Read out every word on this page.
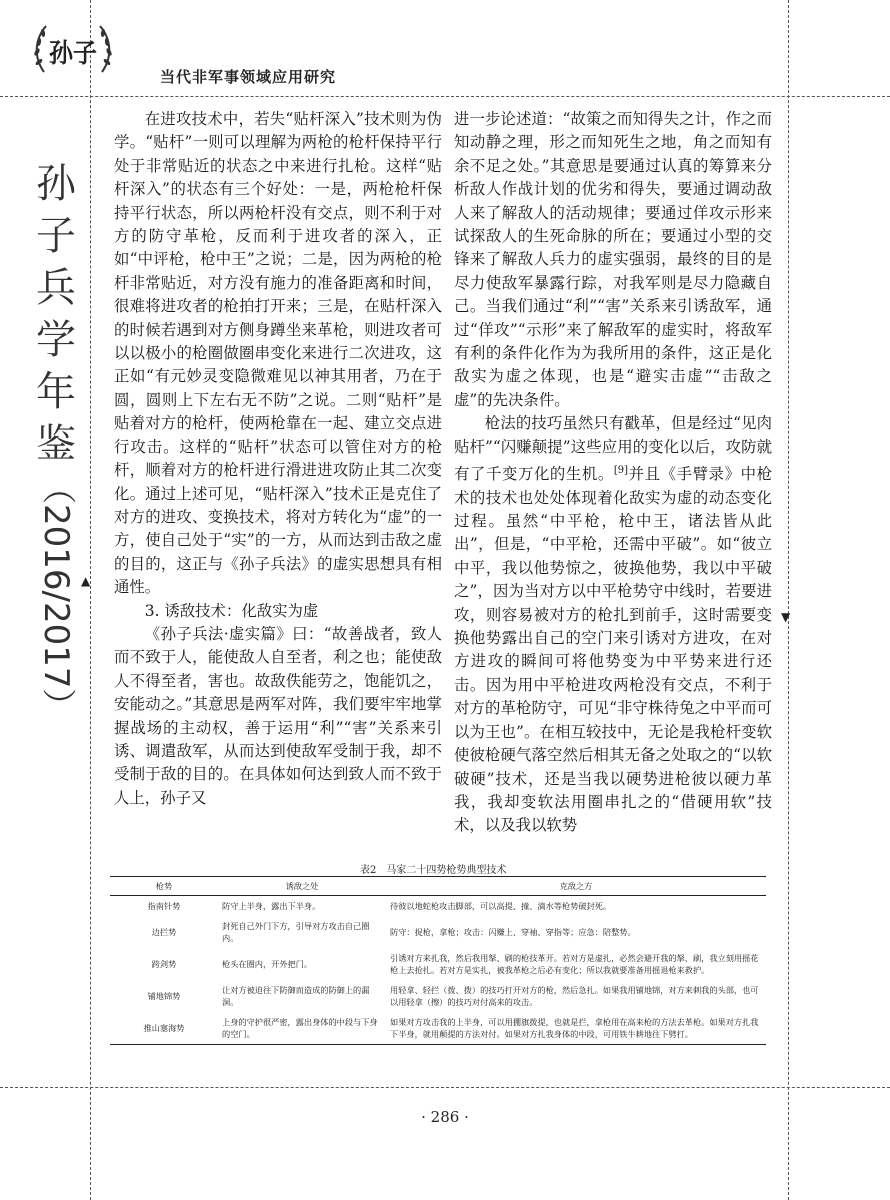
孙子
当代非军事领域应用研究
孙
子
兵
学
年
鉴
（2016/2017） ▲
▼

在进攻技术中，若失“贴杆深入”技术则为伪学。“贴杆”一则可以理解为两枪的枪杆保持平行处于非常贴近的状态之中来进行扎枪。这样“贴杆深入”的状态有三个好处：一是，两枪枪杆保持平行状态，所以两枪杆没有交点，则不利于对方的防守革枪，反而利于进攻者的深入，正如“中评枪，枪中王”之说；二是，因为两枪的枪杆非常贴近，对方没有施力的准备距离和时间，很难将进攻者的枪拍打开来；三是，在贴杆深入的时候若遇到对方侧身蹲坐来革枪，则进攻者可以以极小的枪圈做圈串变化来进行二次进攻，这正如“有元妙灵变隐微难见以神其用者，乃在于圆，圆则上下左右无不防”之说。二则“贴杆”是贴着对方的枪杆，使两枪靠在一起、建立交点进行攻击。这样的“贴杆”状态可以管住对方的枪杆，顺着对方的枪杆进行滑进进攻防止其二次变化。通过上述可见，“贴杆深入”技术正是克住了对方的进攻、变换技术，将对方转化为“虚”的一方，使自己处于“实”的一方，从而达到击敌之虚的目的，这正与《孙子兵法》的虚实思想具有相通性。

3. 诱敌技术：化敌实为虚

《孙子兵法·虚实篇》曰：“故善战者，致人而不致于人，能使敌人自至者，利之也；能使敌人不得至者，害也。故敌佚能劳之，饱能饥之，安能动之。”其意思是两军对阵，我们要牢牢地掌握战场的主动权，善于运用“利”“害”关系来引诱、调遣敌军，从而达到使敌军受制于我，却不受制于敌的目的。在具体如何达到致人而不致于人上，孙子又

进一步论述道：“故策之而知得失之计，作之而知动静之理，形之而知死生之地，角之而知有余不足之处。”其意思是要通过认真的筹算来分析敌人作战计划的优劣和得失，要通过调动敌人来了解敌人的活动规律；要通过佯攻示形来试探敌人的生死命脉的所在；要通过小型的交锋来了解敌人兵力的虚实强弱，最终的目的是尽力使敌军暴露行踪，对我军则是尽力隐藏自己。当我们通过“利”“害”关系来引诱敌军，通过“佯攻”“示形”来了解敌军的虚实时，将敌军有利的条件化作为为我所用的条件，这正是化敌实为虚之体现，也是“避实击虚”“击敌之虚”的先决条件。

枪法的技巧虽然只有戳革，但是经过“见肉贴杆”“闪赚颠提”这些应用的变化以后，攻防就有了千变万化的生机。[9]并且《手臂录》中枪术的技术也处处体现着化敌实为虚的动态变化过程。虽然“中平枪，枪中王，诸法皆从此出”，但是，“中平枪，还需中平破”。如“彼立中平，我以他势惊之，彼换他势，我以中平破之”，因为当对方以中平枪势守中线时，若要进攻，则容易被对方的枪扎到前手，这时需要变换他势露出自己的空门来引诱对方进攻，在对方进攻的瞬间可将他势变为中平势来进行还击。因为用中平枪进攻两枪没有交点，不利于对方的革枪防守，可见“非守株待兔之中平而可以为王也”。在相互较技中，无论是我枪杆变软使彼枪硬气落空然后相其无备之处取之的“以软破硬”技术，还是当我以硬势进枪彼以硬力革我，我却变软法用圈串扎之的“借硬用软”技术，以及我以软势

表2　马家二十四势枪势典型技术
枪势	诱敌之处	克敌之方
指南针势	防守上半身，露出下半身。	待彼以地蛇枪攻击脚部，可以高提、撞、滴水等枪势破封死。
边拦势	封死自己外门下方，引导对方攻击自己圈内。	防守：捉枪，拿枪；攻击：闪赚上、穿袖、穿指等；应急：陪整势。
跨剑势	枪头在圈内，开外把门。	引诱对方来扎我，然后我用拏、刷的枪技革开。若对方是虚扎，必然会避开我的拏、刷，我立刻用摇花枪上去抢扎。若对方是实扎，被我革枪之后必有变化；所以我就要准备用摇退枪来救护。
铺地锦势	让对方被迫往下防御而造成的防御上的漏洞。	用轻拿、轻拦（拨、拨）的技巧打开对方的枪，然后急扎。如果我用铺地锦，对方来刺我的头部，也可以用轻拿（擦）的技巧对付高来的攻击。
推山塞海势	上身的守护很严密，露出身体的中段与下身的空门。	如果对方攻击我的上半身，可以用掤旗拨提，也就是拦，拿枪用在高来枪的方法去革枪。如果对方扎我下半身，就用颠提的方法对付。如果对方扎我身体的中段，可用铁牛耕地往下劈打。
· 286 ·
